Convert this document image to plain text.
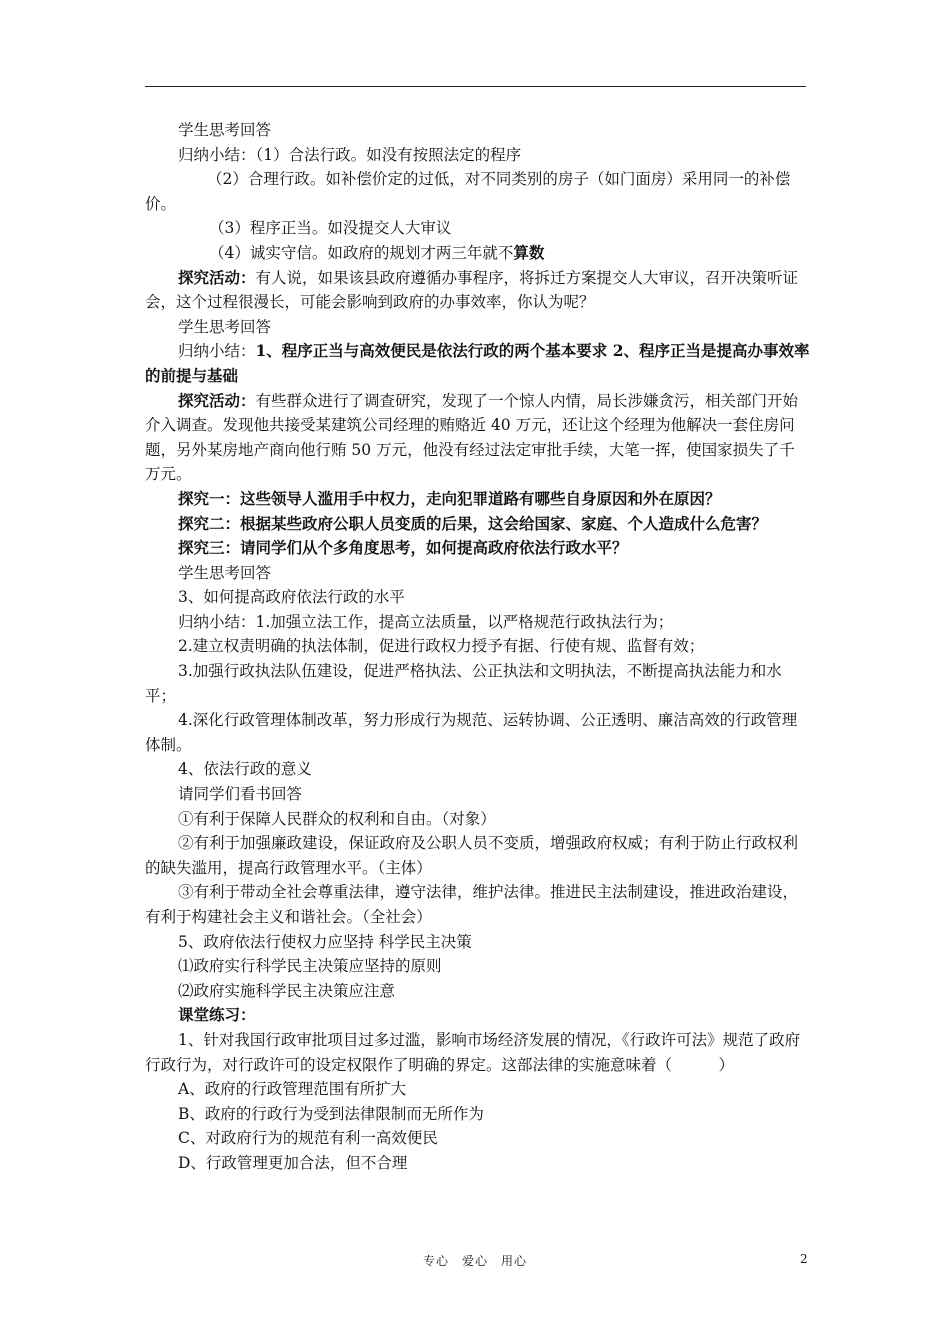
学生思考回答

归纳小结：（1）合法行政。如没有按照法定的程序

（2）合理行政。如补偿价定的过低，对不同类别的房子（如门面房）采用同一的补偿价。

（3）程序正当。如没提交人大审议

（4）诚实守信。如政府的规划才两三年就不算数

探究活动：有人说，如果该县政府遵循办事程序，将拆迁方案提交人大审议，召开决策听证会，这个过程很漫长，可能会影响到政府的办事效率，你认为呢？

学生思考回答

归纳小结：1、程序正当与高效便民是依法行政的两个基本要求 2、程序正当是提高办事效率的前提与基础

探究活动：有些群众进行了调查研究，发现了一个惊人内情，局长涉嫌贪污，相关部门开始介入调查。发现他共接受某建筑公司经理的贿赂近 40 万元，还让这个经理为他解决一套住房问题，另外某房地产商向他行贿 50 万元，他没有经过法定审批手续，大笔一挥，使国家损失了千万元。

探究一：这些领导人滥用手中权力，走向犯罪道路有哪些自身原因和外在原因？

探究二：根据某些政府公职人员变质的后果，这会给国家、家庭、个人造成什么危害？

探究三：请同学们从个多角度思考，如何提高政府依法行政水平？

学生思考回答

3、如何提高政府依法行政的水平

归纳小结：1.加强立法工作，提高立法质量，以严格规范行政执法行为；

2.建立权责明确的执法体制，促进行政权力授予有据、行使有规、监督有效；

3.加强行政执法队伍建设，促进严格执法、公正执法和文明执法，不断提高执法能力和水平；

4.深化行政管理体制改革，努力形成行为规范、运转协调、公正透明、廉洁高效的行政管理体制。

4、依法行政的意义

请同学们看书回答

①有利于保障人民群众的权利和自由。（对象）

②有利于加强廉政建设，保证政府及公职人员不变质，增强政府权威；有利于防止行政权利的缺失滥用，提高行政管理水平。（主体）

③有利于带动全社会尊重法律，遵守法律，维护法律。推进民主法制建设，推进政治建设，有利于构建社会主义和谐社会。（全社会）

5、政府依法行使权力应坚持 科学民主决策

⑴政府实行科学民主决策应坚持的原则

⑵政府实施科学民主决策应注意

课堂练习：

1、针对我国行政审批项目过多过滥，影响市场经济发展的情况，《行政许可法》规范了政府行政行为，对行政许可的设定权限作了明确的界定。这部法律的实施意味着（　　　）

A、政府的行政管理范围有所扩大

B、政府的行政行为受到法律限制而无所作为

C、对政府行为的规范有利一高效便民

D、行政管理更加合法，但不合理

专心　爱心　用心	2
